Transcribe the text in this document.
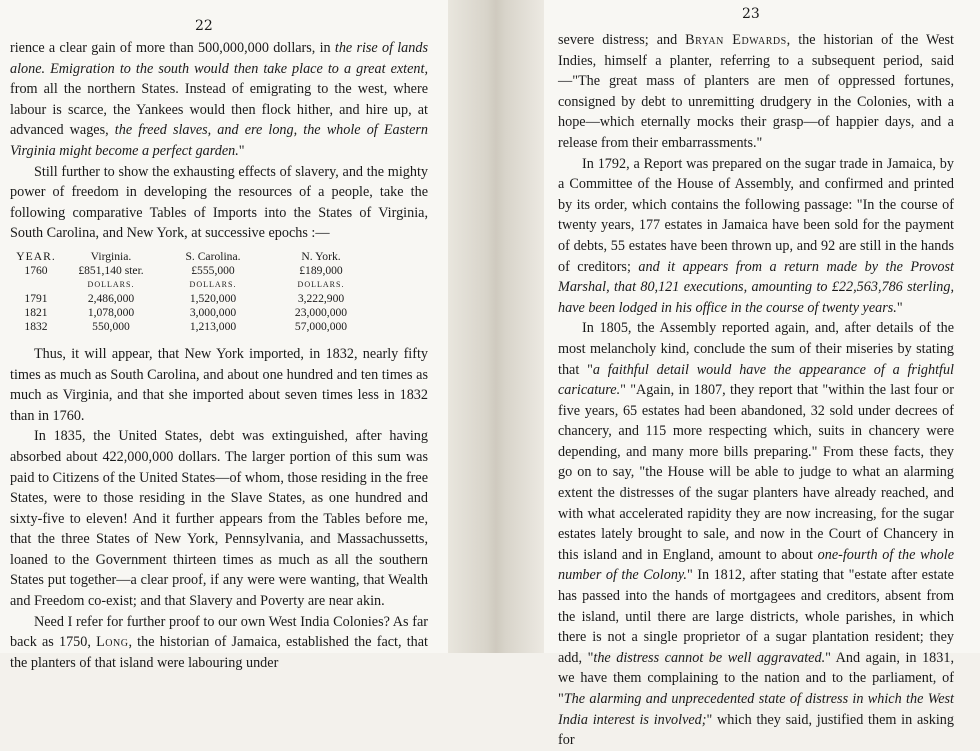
22

rience a clear gain of more than 500,000,000 dollars, in the rise of lands alone. Emigration to the south would then take place to a great extent, from all the northern States. Instead of emigrating to the west, where labour is scarce, the Yankees would then flock hither, and hire up, at advanced wages, the freed slaves, and ere long, the whole of Eastern Virginia might become a perfect garden."

Still further to show the exhausting effects of slavery, and the mighty power of freedom in developing the resources of a people, take the following comparative Tables of Imports into the States of Virginia, South Carolina, and New York, at successive epochs :—

YEAR.	Virginia.	S. Carolina.	N. York.	
1760	£851,140 ster.	£555,000	£189,000	
	DOLLARS.	DOLLARS.	DOLLARS.	
1791	2,486,000	1,520,000	3,222,900	
1821	1,078,000	3,000,000	23,000,000	
1832	550,000	1,213,000	57,000,000	

Thus, it will appear, that New York imported, in 1832, nearly fifty times as much as South Carolina, and about one hundred and ten times as much as Virginia, and that she imported about seven times less in 1832 than in 1760.

In 1835, the United States, debt was extinguished, after having absorbed about 422,000,000 dollars. The larger portion of this sum was paid to Citizens of the United States—of whom, those residing in the free States, were to those residing in the Slave States, as one hundred and sixty-five to eleven! And it further appears from the Tables before me, that the three States of New York, Pennsylvania, and Massachussetts, loaned to the Government thirteen times as much as all the southern States put together—a clear proof, if any were were wanting, that Wealth and Freedom co-exist; and that Slavery and Poverty are near akin.

Need I refer for further proof to our own West India Colonies? As far back as 1750, Long, the historian of Jamaica, established the fact, that the planters of that island were labouring under

23

severe distress; and Bryan Edwards, the historian of the West Indies, himself a planter, referring to a subsequent period, said—"The great mass of planters are men of oppressed fortunes, consigned by debt to unremitting drudgery in the Colonies, with a hope—which eternally mocks their grasp—of happier days, and a release from their embarrassments."

In 1792, a Report was prepared on the sugar trade in Jamaica, by a Committee of the House of Assembly, and confirmed and printed by its order, which contains the following passage: "In the course of twenty years, 177 estates in Jamaica have been sold for the payment of debts, 55 estates have been thrown up, and 92 are still in the hands of creditors; and it appears from a return made by the Provost Marshal, that 80,121 executions, amounting to £22,563,786 sterling, have been lodged in his office in the course of twenty years."

In 1805, the Assembly reported again, and, after details of the most melancholy kind, conclude the sum of their miseries by stating that "a faithful detail would have the appearance of a frightful caricature." "Again, in 1807, they report that "within the last four or five years, 65 estates had been abandoned, 32 sold under decrees of chancery, and 115 more respecting which, suits in chancery were depending, and many more bills preparing." From these facts, they go on to say, "the House will be able to judge to what an alarming extent the distresses of the sugar planters have already reached, and with what accelerated rapidity they are now increasing, for the sugar estates lately brought to sale, and now in the Court of Chancery in this island and in England, amount to about one-fourth of the whole number of the Colony." In 1812, after stating that "estate after estate has passed into the hands of mortgagees and creditors, absent from the island, until there are large districts, whole parishes, in which there is not a single proprietor of a sugar plantation resident; they add, "the distress cannot be well aggravated." And again, in 1831, we have them complaining to the nation and to the parliament, of "The alarming and unprecedented state of distress in which the West India interest is involved;" which they said, justified them in asking for
